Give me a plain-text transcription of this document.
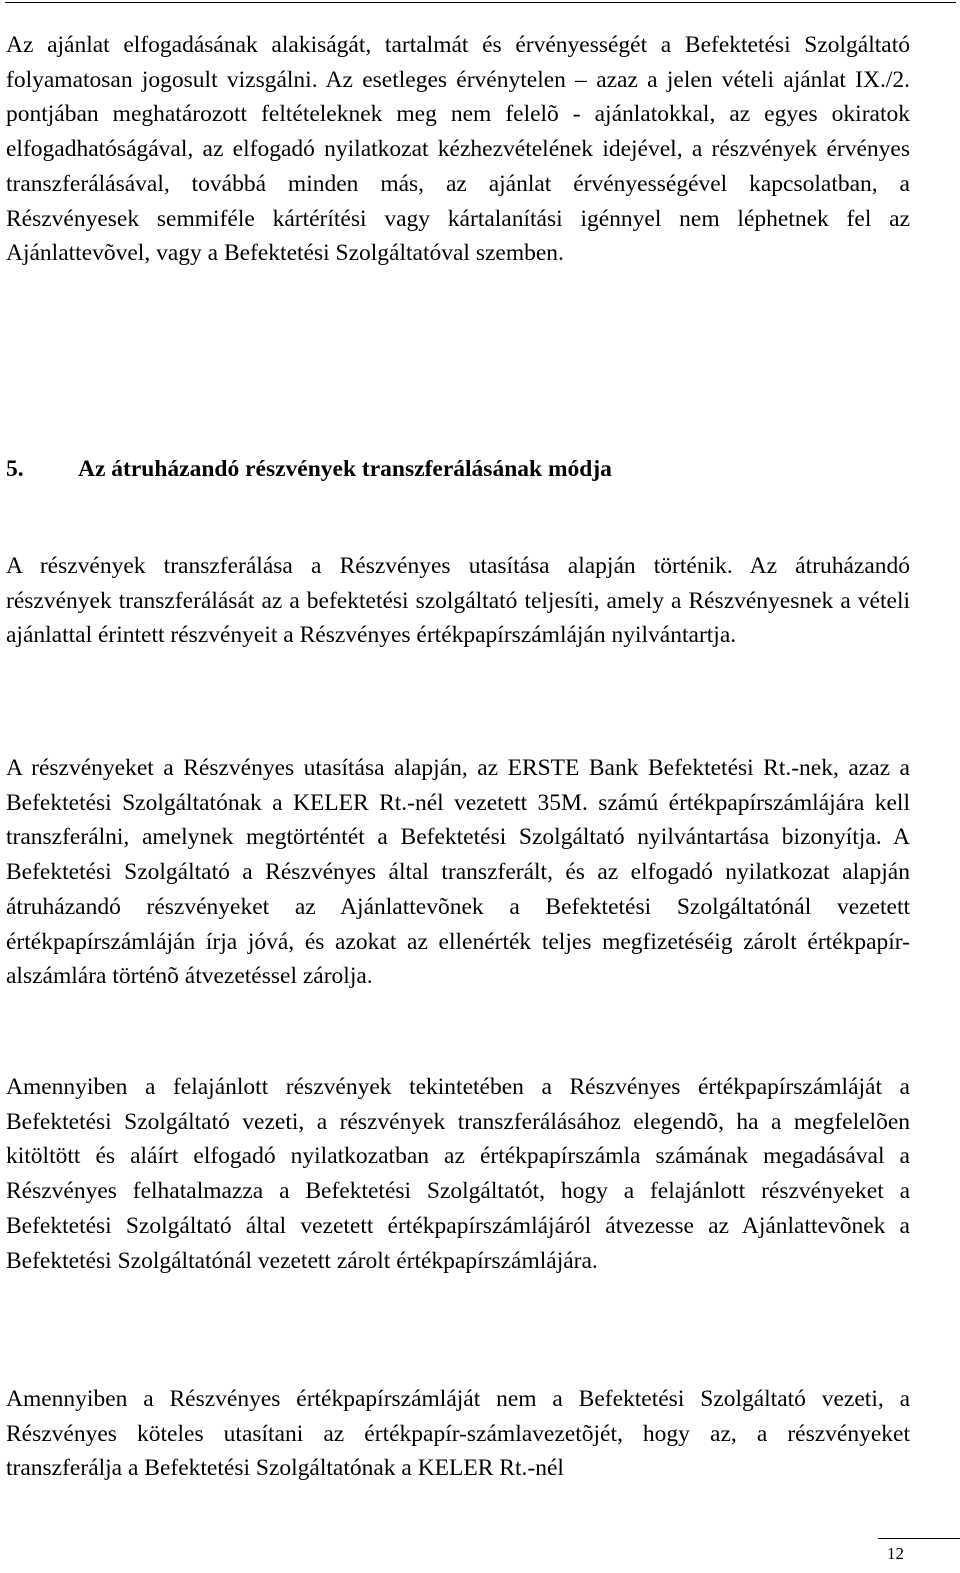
Az ajánlat elfogadásának alakiságát, tartalmát és érvényességét a Befektetési Szolgáltató folyamatosan jogosult vizsgálni. Az esetleges érvénytelen – azaz a jelen vételi ajánlat IX./2. pontjában meghatározott feltételeknek meg nem felelõ - ajánlatokkal, az egyes okiratok elfogadhatóságával, az elfogadó nyilatkozat kézhezvételének idejével, a részvények érvényes transzferálásával, továbbá minden más, az ajánlat érvényességével kapcsolatban, a Részvényesek semmiféle kártérítési vagy kártalanítási igénnyel nem léphetnek fel az Ajánlattevõvel, vagy a Befektetési Szolgáltatóval szemben.

5. Az átruházandó részvények transzferálásának módja

A részvények transzferálása a Részvényes utasítása alapján történik. Az átruházandó részvények transzferálását az a befektetési szolgáltató teljesíti, amely a Részvényesnek a vételi ajánlattal érintett részvényeit a Részvényes értékpapírszámláján nyilvántartja.

A részvényeket a Részvényes utasítása alapján, az ERSTE Bank Befektetési Rt.-nek, azaz a Befektetési Szolgáltatónak a KELER Rt.-nél vezetett 35M. számú értékpapírszámlájára kell transzferálni, amelynek megtörténtét a Befektetési Szolgáltató nyilvántartása bizonyítja. A Befektetési Szolgáltató a Részvényes által transzferált, és az elfogadó nyilatkozat alapján átruházandó részvényeket az Ajánlattevõnek a Befektetési Szolgáltatónál vezetett értékpapírszámláján írja jóvá, és azokat az ellenérték teljes megfizetéséig zárolt értékpapír-alszámlára történõ átvezetéssel zárolja.

Amennyiben a felajánlott részvények tekintetében a Részvényes értékpapírszámláját a Befektetési Szolgáltató vezeti, a részvények transzferálásához elegendõ, ha a megfelelõen kitöltött és aláírt elfogadó nyilatkozatban az értékpapírszámla számának megadásával a Részvényes felhatalmazza a Befektetési Szolgáltatót, hogy a felajánlott részvényeket a Befektetési Szolgáltató által vezetett értékpapírszámlájáról átvezesse az Ajánlattevõnek a Befektetési Szolgáltatónál vezetett zárolt értékpapírszámlájára.

Amennyiben a Részvényes értékpapírszámláját nem a Befektetési Szolgáltató vezeti, a Részvényes köteles utasítani az értékpapír-számlavezetõjét, hogy az, a részvényeket transzferálja a Befektetési Szolgáltatónak a KELER Rt.-nél

12
